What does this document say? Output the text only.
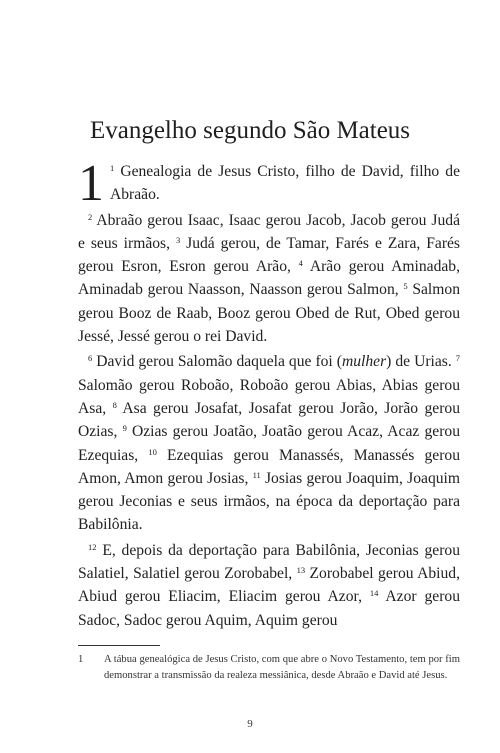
Evangelho segundo São Mateus

1 $^1$ Genealogia de Jesus Cristo, filho de David, filho de Abraão.

$^2$ Abraão gerou Isaac, Isaac gerou Jacob, Jacob gerou Judá e seus irmãos, $^3$ Judá gerou, de Tamar, Farés e Zara, Farés gerou Esron, Esron gerou Arão, $^4$ Arão gerou Aminadab, Aminadab gerou Naasson, Naasson gerou Salmon, $^5$ Salmon gerou Booz de Raab, Booz gerou Obed de Rut, Obed gerou Jessé, Jessé gerou o rei David.

$^6$ David gerou Salomão daquela que foi (mulher) de Urias. $^7$ Salomão gerou Roboão, Roboão gerou Abias, Abias gerou Asa, $^8$ Asa gerou Josafat, Josafat gerou Jorão, Jorão gerou Ozias, $^9$ Ozias gerou Joatão, Joatão gerou Acaz, Acaz gerou Ezequias, $^{10}$ Ezequias gerou Manassés, Manassés gerou Amon, Amon gerou Josias, $^{11}$ Josias gerou Joaquim, Joaquim gerou Jeconias e seus irmãos, na época da deportação para Babilônia.

$^{12}$ E, depois da deportação para Babilônia, Jeconias gerou Salatiel, Salatiel gerou Zorobabel, $^{13}$ Zorobabel gerou Abiud, Abiud gerou Eliacim, Eliacim gerou Azor, $^{14}$ Azor gerou Sadoc, Sadoc gerou Aquim, Aquim gerou

1 A tábua genealógica de Jesus Cristo, com que abre o Novo Testamento, tem por fim demonstrar a transmissão da realeza messiânica, desde Abraão e David até Jesus.
9
